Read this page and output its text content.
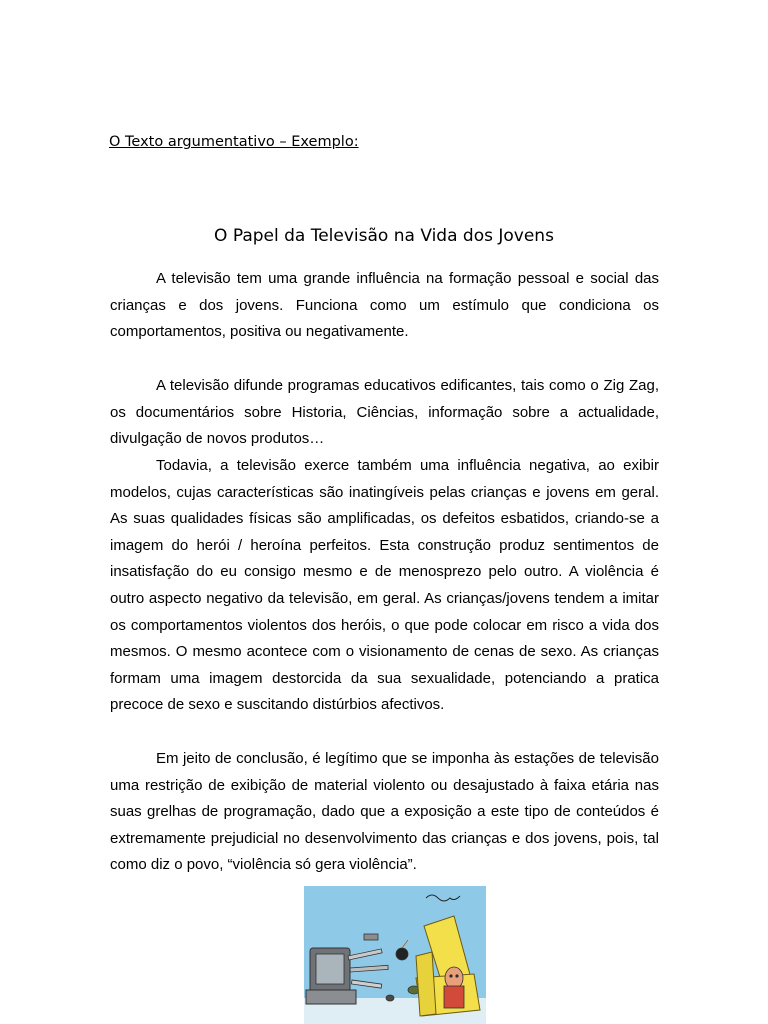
O Texto argumentativo – Exemplo:
O Papel da Televisão na Vida dos Jovens

A televisão tem uma grande influência na formação pessoal e social das crianças e dos jovens. Funciona como um estímulo que condiciona os comportamentos, positiva ou negativamente.

A televisão difunde programas educativos edificantes, tais como o Zig Zag, os documentários sobre Historia, Ciências, informação sobre a actualidade, divulgação de novos produtos…

Todavia, a televisão exerce também uma influência negativa, ao exibir modelos, cujas características são inatingíveis pelas crianças e jovens em geral. As suas qualidades físicas são amplificadas, os defeitos esbatidos, criando-se a imagem do herói / heroína perfeitos. Esta construção produz sentimentos de insatisfação do eu consigo mesmo e de menosprezo pelo outro. A violência é outro aspecto negativo da televisão, em geral. As crianças/jovens tendem a imitar os comportamentos violentos dos heróis, o que pode colocar em risco a vida dos mesmos. O mesmo acontece com o visionamento de cenas de sexo. As crianças formam uma imagem destorcida da sua sexualidade, potenciando a pratica precoce de sexo e suscitando distúrbios afectivos.

Em jeito de conclusão, é legítimo que se imponha às estações de televisão uma restrição de exibição de material violento ou desajustado à faixa etária nas suas grelhas de programação, dado que a exposição a este tipo de conteúdos é extremamente prejudicial no desenvolvimento das crianças e dos jovens, pois, tal como diz o povo, “violência só gera violência”.
